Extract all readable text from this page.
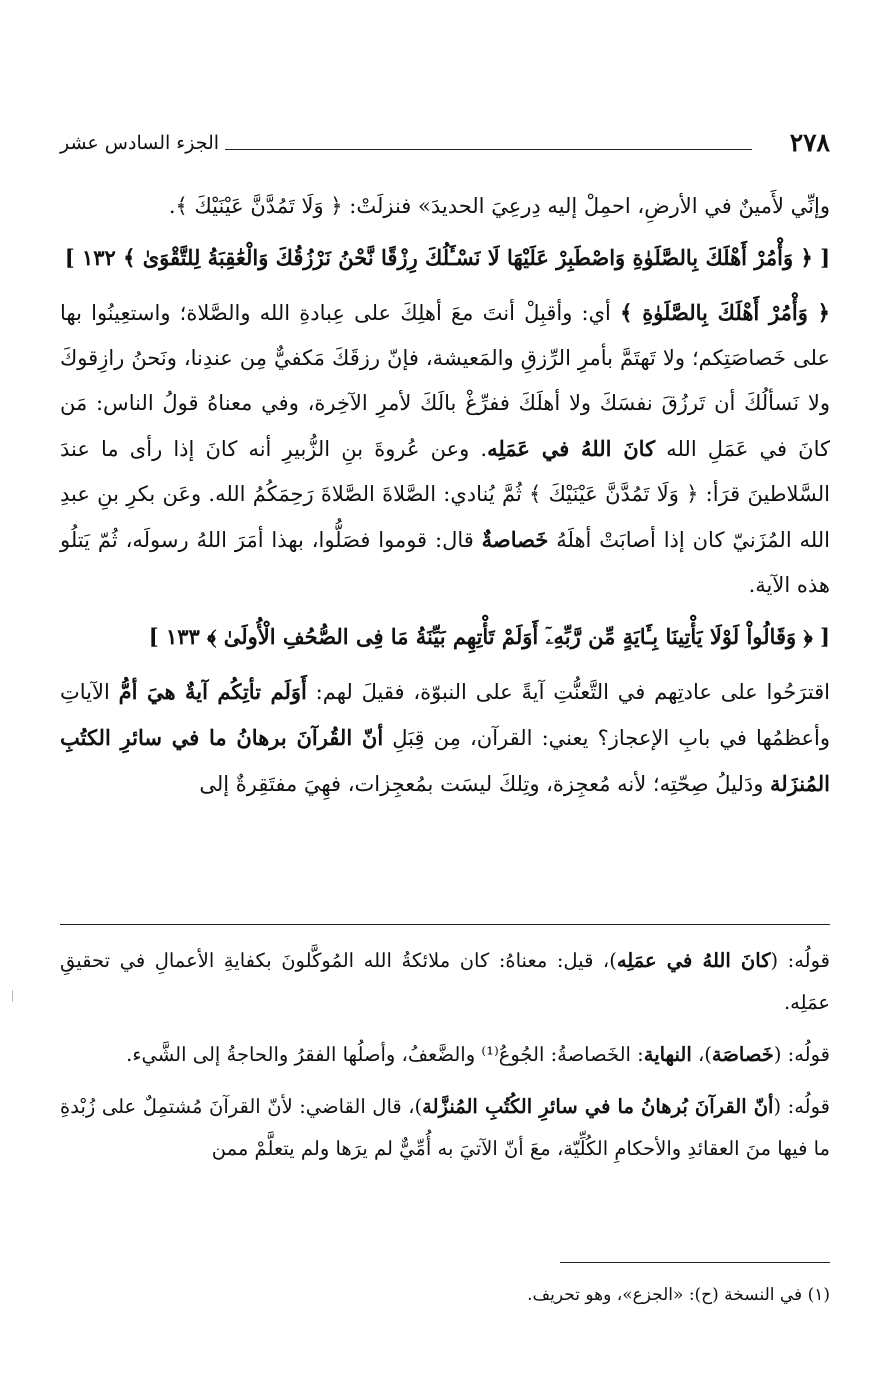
٢٧٨
الجزء السادس عشر

وإنِّي لأَمينٌ في الأرضِ، احمِلْ إليه دِرعِيَ الحديدَ» فنزلَتْ: ﴿ وَلَا تَمُدَّنَّ عَيْنَيْكَ ﴾.

[ ﴿ وَأْمُرْ أَهْلَكَ بِالصَّلَوٰةِ وَاصْطَبِرْ عَلَيْهَا لَا نَسْـَٔلُكَ رِزْقًا نَّحْنُ نَرْزُقُكَ وَالْعَٰقِبَةُ لِلتَّقْوَىٰ ﴾ ١٣٢ ]

﴿ وَأْمُرْ أَهْلَكَ بِالصَّلَوٰةِ ﴾ أي: وأقبِلْ أنتَ معَ أهلِكَ على عِبادةِ الله والصَّلاة؛ واستعِينُوا بها على خَصاصَتِكم؛ ولا تَهتَمَّ بأمرِ الرِّزقِ والمَعيشة، فإنّ رزقَكَ مَكفيٌّ مِن عندِنا، ونَحنُ رازِقوكَ ولا نَسألُكَ أن تَرزُقَ نفسَكَ ولا أهلَكَ ففرِّغْ بالَكَ لأمرِ الآخِرة، وفي معناهُ قولُ الناس: مَن كانَ في عَمَلِ الله كانَ اللهُ في عَمَلِه. وعن عُروةَ بنِ الزُّبيرِ أنه كانَ إذا رأى ما عندَ السَّلاطينَ قرَأ: ﴿ وَلَا تَمُدَّنَّ عَيْنَيْكَ ﴾ ثُمَّ يُنادي: الصَّلاةَ الصَّلاةَ رَحِمَكُمُ الله. وعَن بكرِ بنِ عبدِ الله المُزَنيّ كان إذا أصابَتْ أهلَهُ خَصاصةٌ قال: قوموا فصَلُّوا، بهذا أمَرَ اللهُ رسولَه، ثُمّ يَتلُو هذه الآية.

[ ﴿ وَقَالُواْ لَوْلَا يَأْتِينَا بِـَٔايَةٍ مِّن رَّبِّهِۦٓ أَوَلَمْ تَأْتِهِم بَيِّنَةُ مَا فِى الصُّحُفِ الْأُولَىٰ ﴾ ١٣٣ ]

اقترَحُوا على عادتِهم في التَّعنُّتِ آيةً على النبوّة، فقيلَ لهم: أَوَلَم تأتِكُم آيةٌ هيَ أمُّ الآياتِ وأعظمُها في بابِ الإعجاز؟ يعني: القرآن، مِن قِبَلِ أنّ القُرآنَ برهانُ ما في سائرِ الكتُبِ المُنزَلة ودَليلُ صِحّتِه؛ لأنه مُعجِزة، وتِلكَ ليسَت بمُعجِزات، فهِيَ مفتَقِرةٌ إلى

قولُه: (كانَ اللهُ في عمَلِه)، قيل: معناهُ: كان ملائكةُ الله المُوكَّلونَ بكفايةِ الأعمالِ في تحقيقِ عمَلِه.

قولُه: (خَصاصَة)، النهاية: الخَصاصةُ: الجُوعُ⁽¹⁾ والضَّعفُ، وأصلُها الفقرُ والحاجةُ إلى الشَّيء.

قولُه: (أنّ القرآنَ بُرهانُ ما في سائرِ الكُتُبِ المُنزَّلة)، قال القاضي: لأنّ القرآنَ مُشتمِلٌ على زُبْدةِ ما فيها منَ العقائدِ والأحكامِ الكُلِّيّة، معَ أنّ الآتيَ به أُمِّيٌّ لم يرَها ولم يتعلَّمْ ممن

(١) في النسخة (ح): «الجزع»، وهو تحريف.
